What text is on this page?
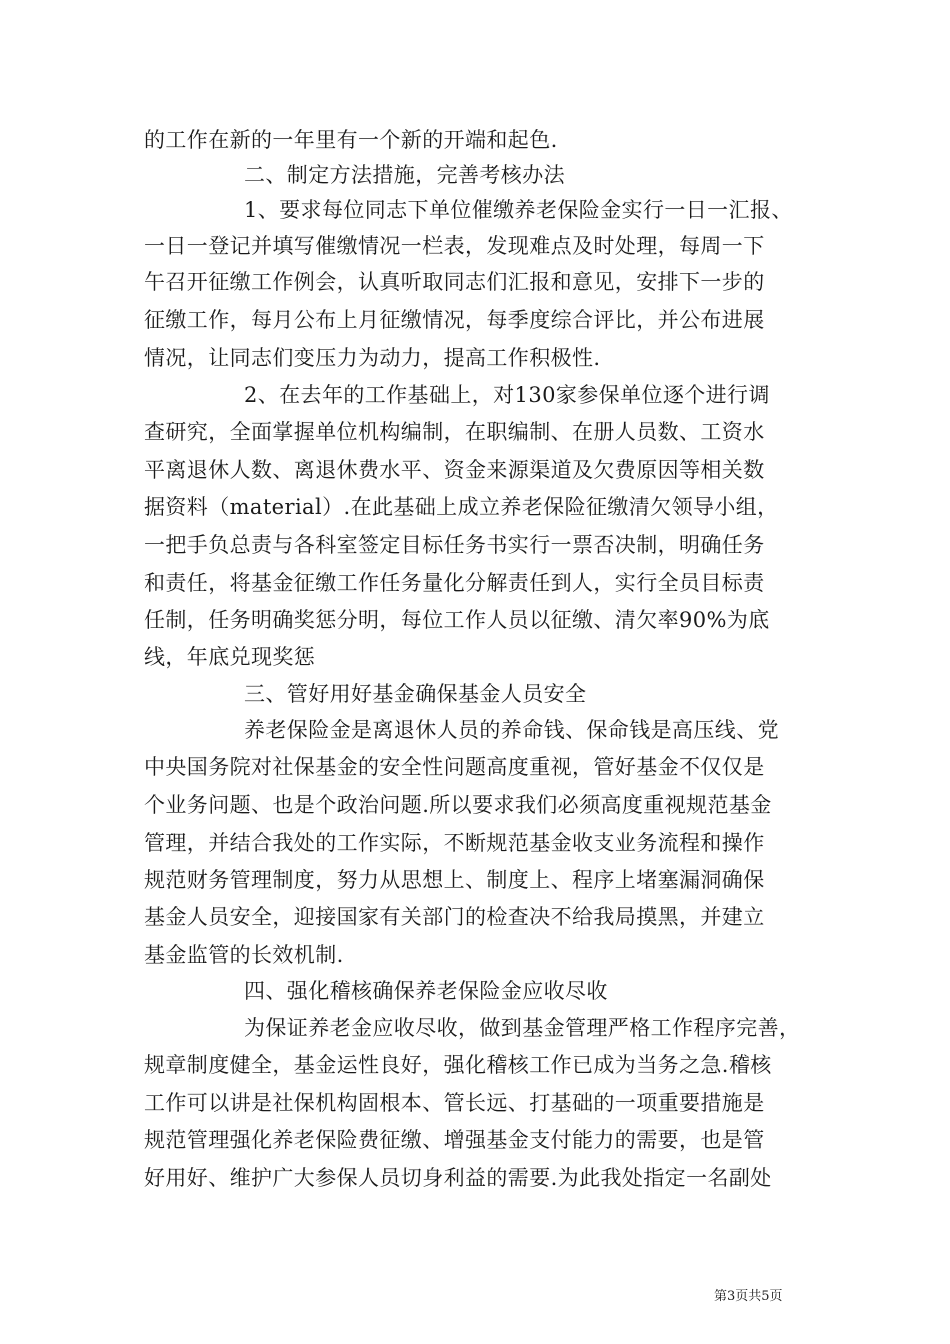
的工作在新的一年里有一个新的开端和起色.
二、制定方法措施，完善考核办法
1、要求每位同志下单位催缴养老保险金实行一日一汇报、
一日一登记并填写催缴情况一栏表，发现难点及时处理，每周一下
午召开征缴工作例会，认真听取同志们汇报和意见，安排下一步的
征缴工作，每月公布上月征缴情况，每季度综合评比，并公布进展
情况，让同志们变压力为动力，提高工作积极性.
2、在去年的工作基础上，对130家参保单位逐个进行调
查研究，全面掌握单位机构编制，在职编制、在册人员数、工资水
平离退休人数、离退休费水平、资金来源渠道及欠费原因等相关数
据资料（material）.在此基础上成立养老保险征缴清欠领导小组，
一把手负总责与各科室签定目标任务书实行一票否决制，明确任务
和责任，将基金征缴工作任务量化分解责任到人，实行全员目标责
任制，任务明确奖惩分明，每位工作人员以征缴、清欠率90%为底
线，年底兑现奖惩
三、管好用好基金确保基金人员安全
养老保险金是离退休人员的养命钱、保命钱是高压线、党
中央国务院对社保基金的安全性问题高度重视，管好基金不仅仅是
个业务问题、也是个政治问题.所以要求我们必须高度重视规范基金
管理，并结合我处的工作实际，不断规范基金收支业务流程和操作
规范财务管理制度，努力从思想上、制度上、程序上堵塞漏洞确保
基金人员安全，迎接国家有关部门的检查决不给我局摸黑，并建立
基金监管的长效机制.
四、强化稽核确保养老保险金应收尽收
为保证养老金应收尽收，做到基金管理严格工作程序完善，
规章制度健全，基金运性良好，强化稽核工作已成为当务之急.稽核
工作可以讲是社保机构固根本、管长远、打基础的一项重要措施是
规范管理强化养老保险费征缴、增强基金支付能力的需要，也是管
好用好、维护广大参保人员切身利益的需要.为此我处指定一名副处
第3页共5页
